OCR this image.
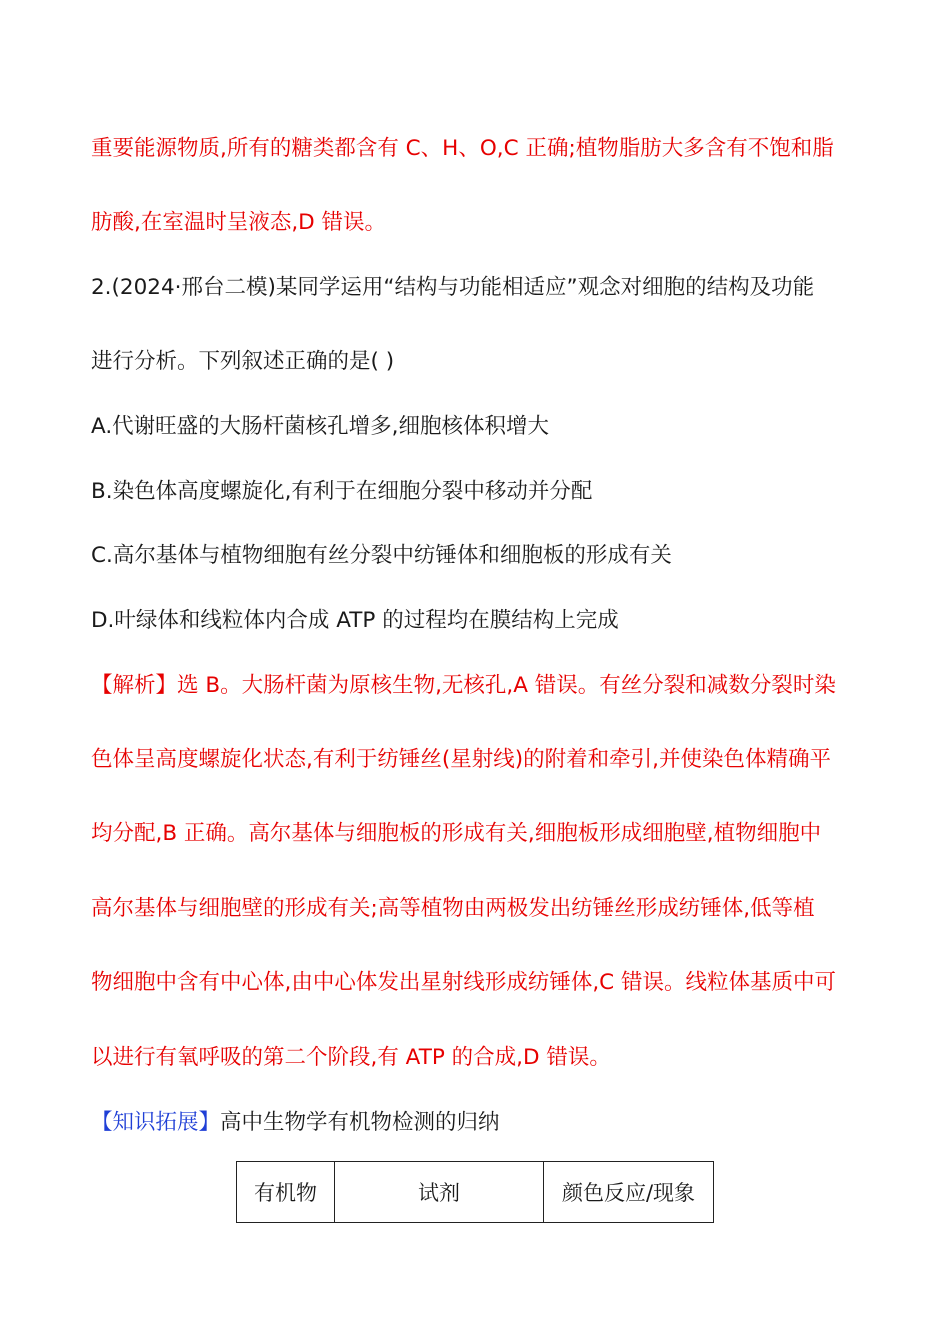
重要能源物质,所有的糖类都含有 C、H、O,C 正确;植物脂肪大多含有不饱和脂
肪酸,在室温时呈液态,D 错误。
2.(2024·邢台二模)某同学运用“结构与功能相适应”观念对细胞的结构及功能
进行分析。下列叙述正确的是( )
A.代谢旺盛的大肠杆菌核孔增多,细胞核体积增大
B.染色体高度螺旋化,有利于在细胞分裂中移动并分配
C.高尔基体与植物细胞有丝分裂中纺锤体和细胞板的形成有关
D.叶绿体和线粒体内合成 ATP 的过程均在膜结构上完成
【解析】选 B。大肠杆菌为原核生物,无核孔,A 错误。有丝分裂和减数分裂时染
色体呈高度螺旋化状态,有利于纺锤丝(星射线)的附着和牵引,并使染色体精确平
均分配,B 正确。高尔基体与细胞板的形成有关,细胞板形成细胞壁,植物细胞中
高尔基体与细胞壁的形成有关;高等植物由两极发出纺锤丝形成纺锤体,低等植
物细胞中含有中心体,由中心体发出星射线形成纺锤体,C 错误。线粒体基质中可
以进行有氧呼吸的第二个阶段,有 ATP 的合成,D 错误。
【知识拓展】高中生物学有机物检测的归纳
有机物	试剂	颜色反应/现象
